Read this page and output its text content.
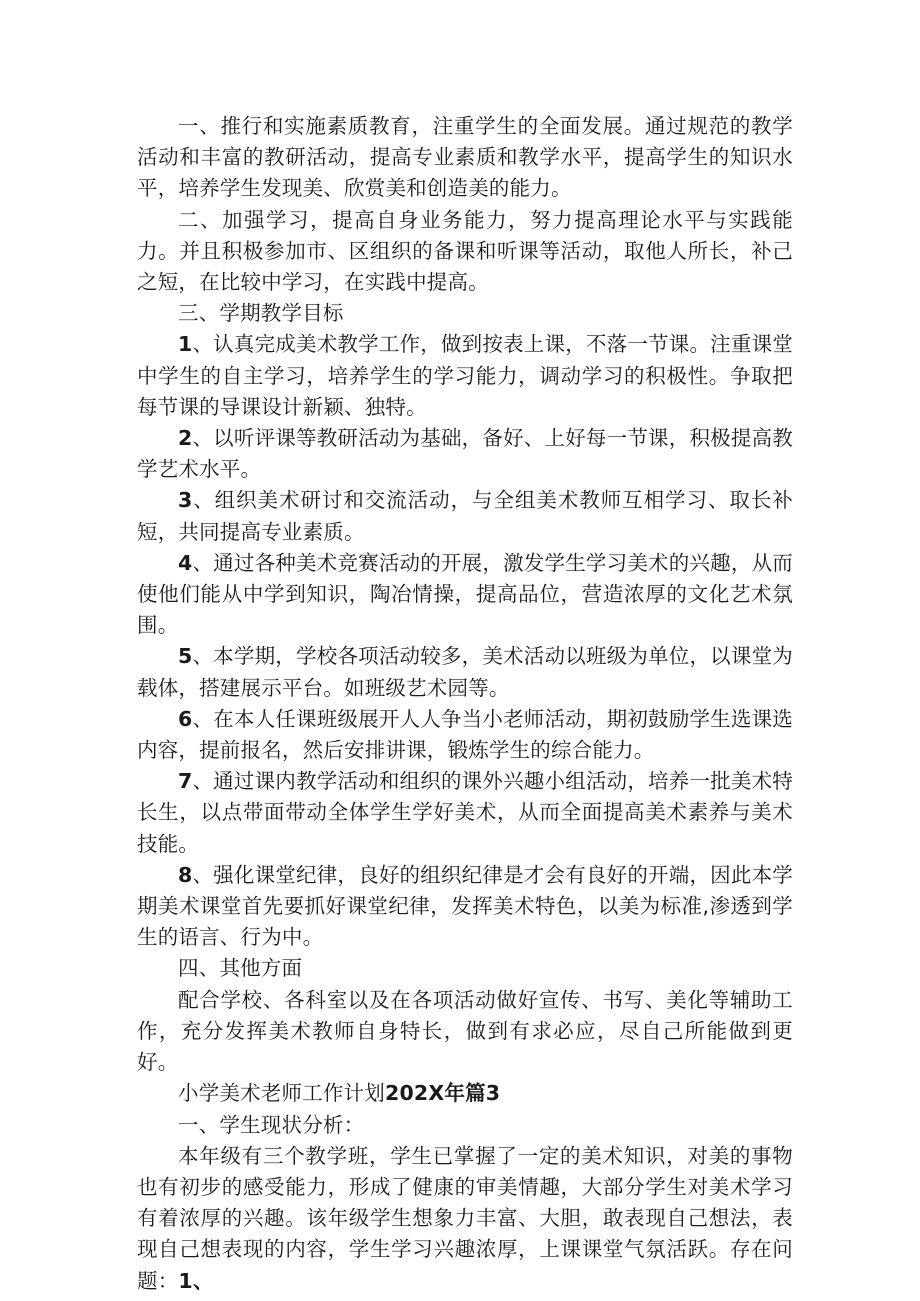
一、推行和实施素质教育，注重学生的全面发展。通过规范的教学活动和丰富的教研活动，提高专业素质和教学水平，提高学生的知识水平，培养学生发现美、欣赏美和创造美的能力。

二、加强学习，提高自身业务能力，努力提高理论水平与实践能力。并且积极参加市、区组织的备课和听课等活动，取他人所长，补己之短，在比较中学习，在实践中提高。

三、学期教学目标

1、认真完成美术教学工作，做到按表上课，不落一节课。注重课堂中学生的自主学习，培养学生的学习能力，调动学习的积极性。争取把每节课的导课设计新颖、独特。

2、以听评课等教研活动为基础，备好、上好每一节课，积极提高教学艺术水平。

3、组织美术研讨和交流活动，与全组美术教师互相学习、取长补短，共同提高专业素质。

4、通过各种美术竞赛活动的开展，激发学生学习美术的兴趣，从而使他们能从中学到知识，陶冶情操，提高品位，营造浓厚的文化艺术氛围。

5、本学期，学校各项活动较多，美术活动以班级为单位，以课堂为载体，搭建展示平台。如班级艺术园等。

6、在本人任课班级展开人人争当小老师活动，期初鼓励学生选课选内容，提前报名，然后安排讲课，锻炼学生的综合能力。

7、通过课内教学活动和组织的课外兴趣小组活动，培养一批美术特长生，以点带面带动全体学生学好美术，从而全面提高美术素养与美术技能。

8、强化课堂纪律，良好的组织纪律是才会有良好的开端，因此本学期美术课堂首先要抓好课堂纪律，发挥美术特色，以美为标准,渗透到学生的语言、行为中。

四、其他方面

配合学校、各科室以及在各项活动做好宣传、书写、美化等辅助工作，充分发挥美术教师自身特长，做到有求必应，尽自己所能做到更好。

小学美术老师工作计划202X年篇3

一、学生现状分析：

本年级有三个教学班，学生已掌握了一定的美术知识，对美的事物也有初步的感受能力，形成了健康的审美情趣，大部分学生对美术学习有着浓厚的兴趣。该年级学生想象力丰富、大胆，敢表现自己想法，表现自己想表现的内容，学生学习兴趣浓厚，上课课堂气氛活跃。存在问题：1、
